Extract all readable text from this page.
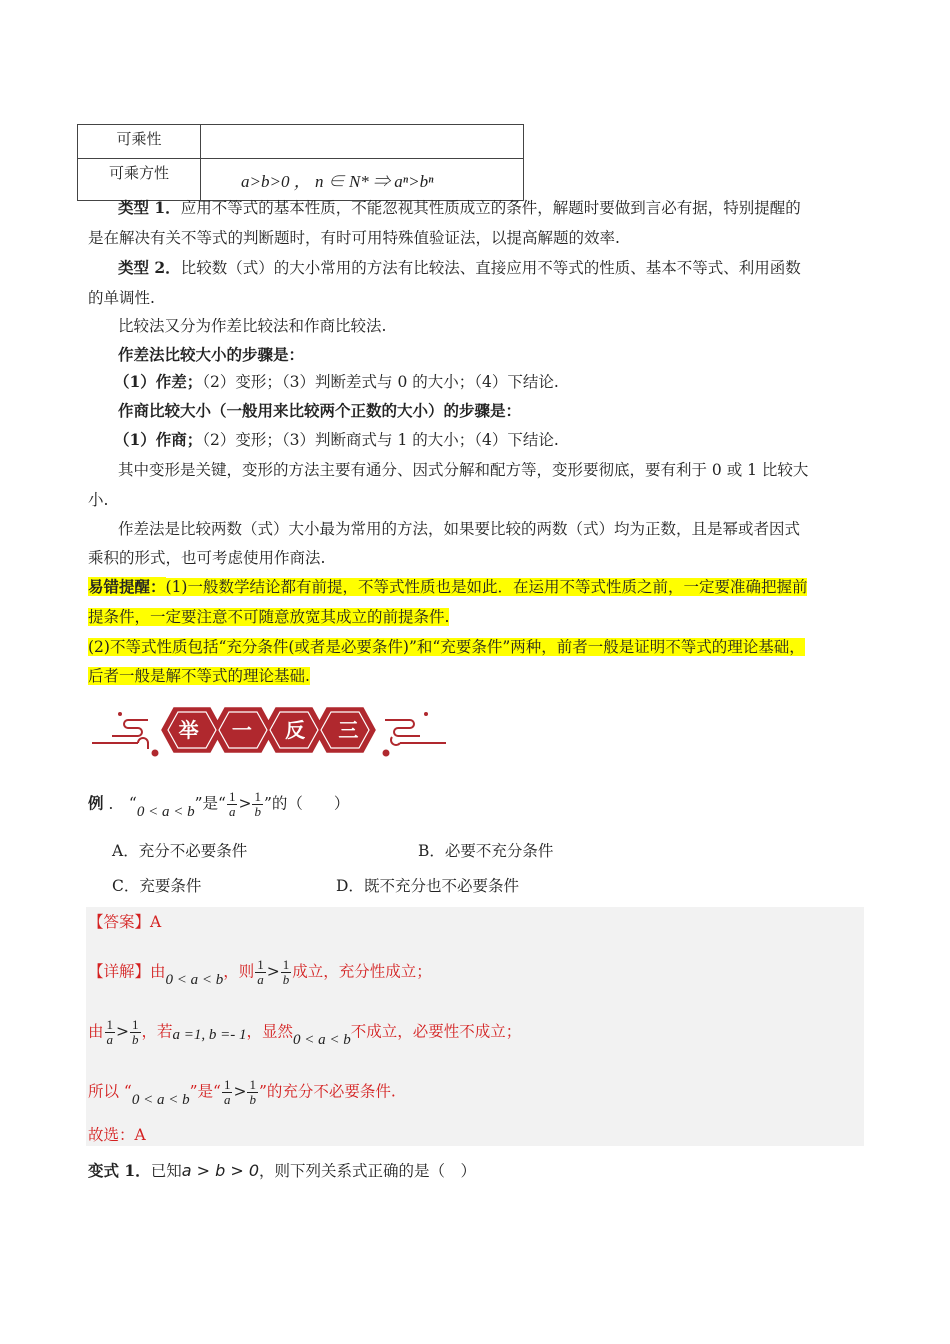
可乘性	
可乘方性	a>b>0 ， n ∈ N* ⇒ aⁿ>bⁿ
类型 1．应用不等式的基本性质，不能忽视其性质成立的条件，解题时要做到言必有据，特别提醒的
是在解决有关不等式的判断题时，有时可用特殊值验证法，以提高解题的效率.
类型 2．比较数（式）的大小常用的方法有比较法、直接应用不等式的性质、基本不等式、利用函数
的单调性.
比较法又分为作差比较法和作商比较法.
作差法比较大小的步骤是：
（1）作差；（2）变形；（3）判断差式与 0 的大小；（4）下结论.
作商比较大小（一般用来比较两个正数的大小）的步骤是：
（1）作商；（2）变形；（3）判断商式与 1 的大小；（4）下结论.
其中变形是关键，变形的方法主要有通分、因式分解和配方等，变形要彻底，要有利于 0 或 1 比较大
小.
作差法是比较两数（式）大小最为常用的方法，如果要比较的两数（式）均为正数，且是幂或者因式
乘积的形式，也可考虑使用作商法.
易错提醒：(1)一般数学结论都有前提，不等式性质也是如此．在运用不等式性质之前，一定要准确把握前
提条件，一定要注意不可随意放宽其成立的前提条件.
(2)不等式性质包括“充分条件(或者是必要条件)”和“充要条件”两种，前者一般是证明不等式的理论基础，
后者一般是解不等式的理论基础.
举	一	反	三
例 ． “0 < a < b”是“ $\frac{1}{a} > \frac{1}{b}$ ”的（　　）
A．充分不必要条件	B．必要不充分条件
C．充要条件	D．既不充分也不必要条件
【答案】A
【详解】由0 < a < b，则 $\frac{1}{a} > \frac{1}{b}$ 成立，充分性成立；
由 $\frac{1}{a} > \frac{1}{b}$ ，若a =1, b =- 1，显然0 < a < b不成立，必要性不成立；
所以 “0 < a < b”是“ $\frac{1}{a} > \frac{1}{b}$ ”的充分不必要条件.
故选：A
变式 1．已知a > b > 0，则下列关系式正确的是（　）
